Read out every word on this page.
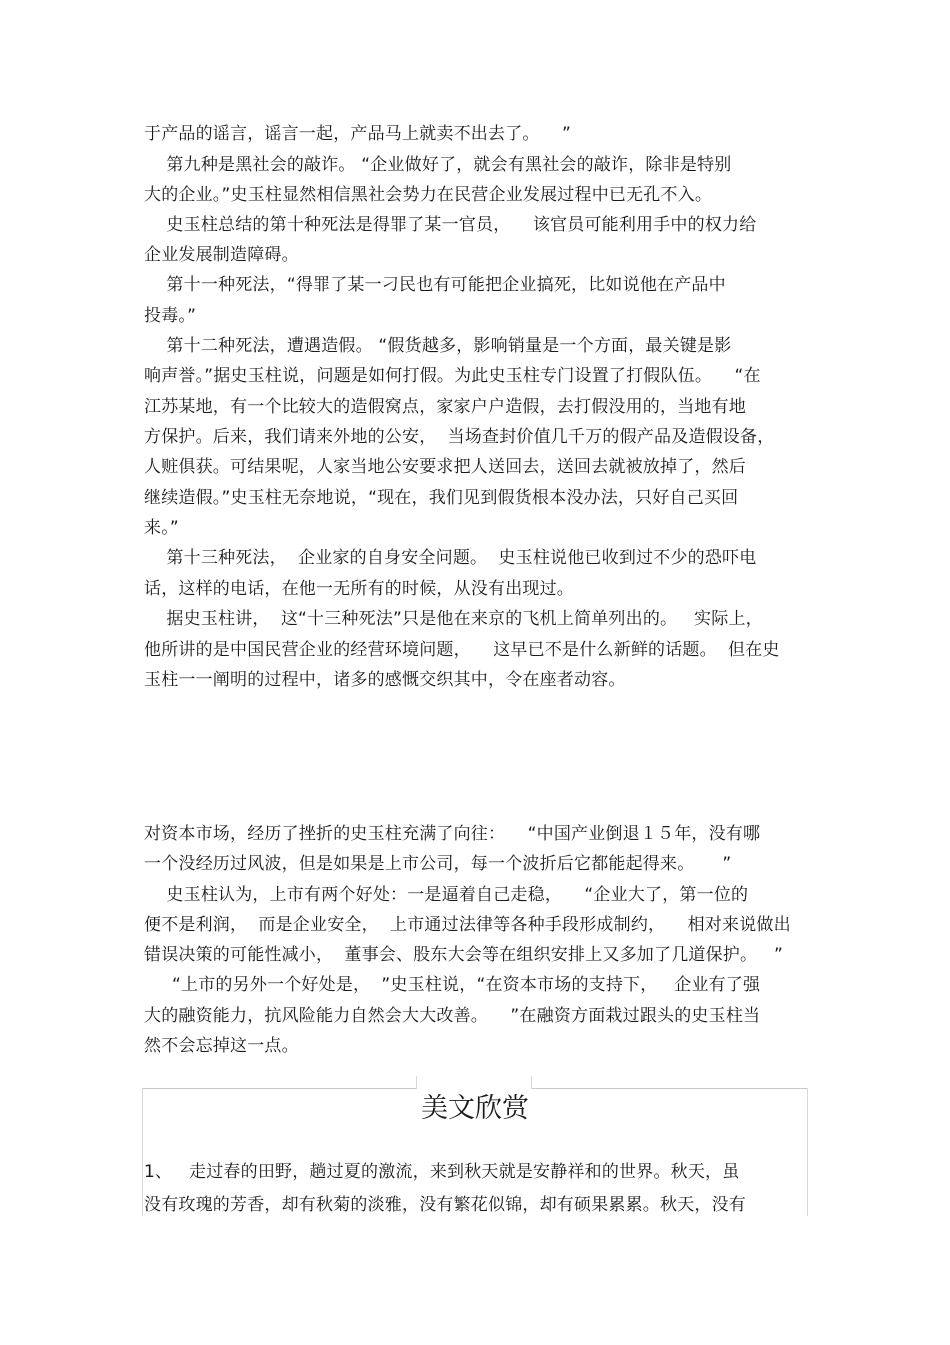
于产品的谣言，谣言一起，产品马上就卖不出去了。    ”

第九种是黑社会的敲诈。 “企业做好了，就会有黑社会的敲诈，除非是特别

大的企业。”史玉柱显然相信黑社会势力在民营企业发展过程中已无孔不入。

史玉柱总结的第十种死法是得罪了某一官员，    该官员可能利用手中的权力给

企业发展制造障碍。

第十一种死法，“得罪了某一刁民也有可能把企业搞死，比如说他在产品中

投毒。”

第十二种死法，遭遇造假。 “假货越多，影响销量是一个方面，最关键是影

响声誉。”据史玉柱说，问题是如何打假。为此史玉柱专门设置了打假队伍。    “在

江苏某地，有一个比较大的造假窝点，家家户户造假，去打假没用的，当地有地

方保护。后来，我们请来外地的公安，  当场查封价值几千万的假产品及造假设备，

人赃俱获。可结果呢，人家当地公安要求把人送回去，送回去就被放掉了，然后

继续造假。”史玉柱无奈地说，“现在，我们见到假货根本没办法，只好自己买回

来。”

第十三种死法，  企业家的自身安全问题。  史玉柱说他已收到过不少的恐吓电

话，这样的电话，在他一无所有的时候，从没有出现过。

据史玉柱讲，  这“十三种死法”只是他在来京的飞机上简单列出的。   实际上，

他所讲的是中国民营企业的经营环境问题，    这早已不是什么新鲜的话题。  但在史

玉柱一一阐明的过程中，诸多的感慨交织其中，令在座者动容。

对资本市场，经历了挫折的史玉柱充满了向往：    “中国产业倒退１５年，没有哪

一个没经历过风波，但是如果是上市公司，每一个波折后它都能起得来。     ”

史玉柱认为，上市有两个好处：一是逼着自己走稳，    “企业大了，第一位的

便不是利润，  而是企业安全，  上市通过法律等各种手段形成制约，    相对来说做出

错误决策的可能性减小，  董事会、股东大会等在组织安排上又多加了几道保护。   ”

“上市的另外一个好处是，  ”史玉柱说，“在资本市场的支持下，   企业有了强

大的融资能力，抗风险能力自然会大大改善。    ”在融资方面栽过跟头的史玉柱当

然不会忘掉这一点。

美文欣赏

1、   走过春的田野，趟过夏的激流，来到秋天就是安静祥和的世界。秋天，虽

没有玫瑰的芳香，却有秋菊的淡雅，没有繁花似锦，却有硕果累累。秋天，没有
